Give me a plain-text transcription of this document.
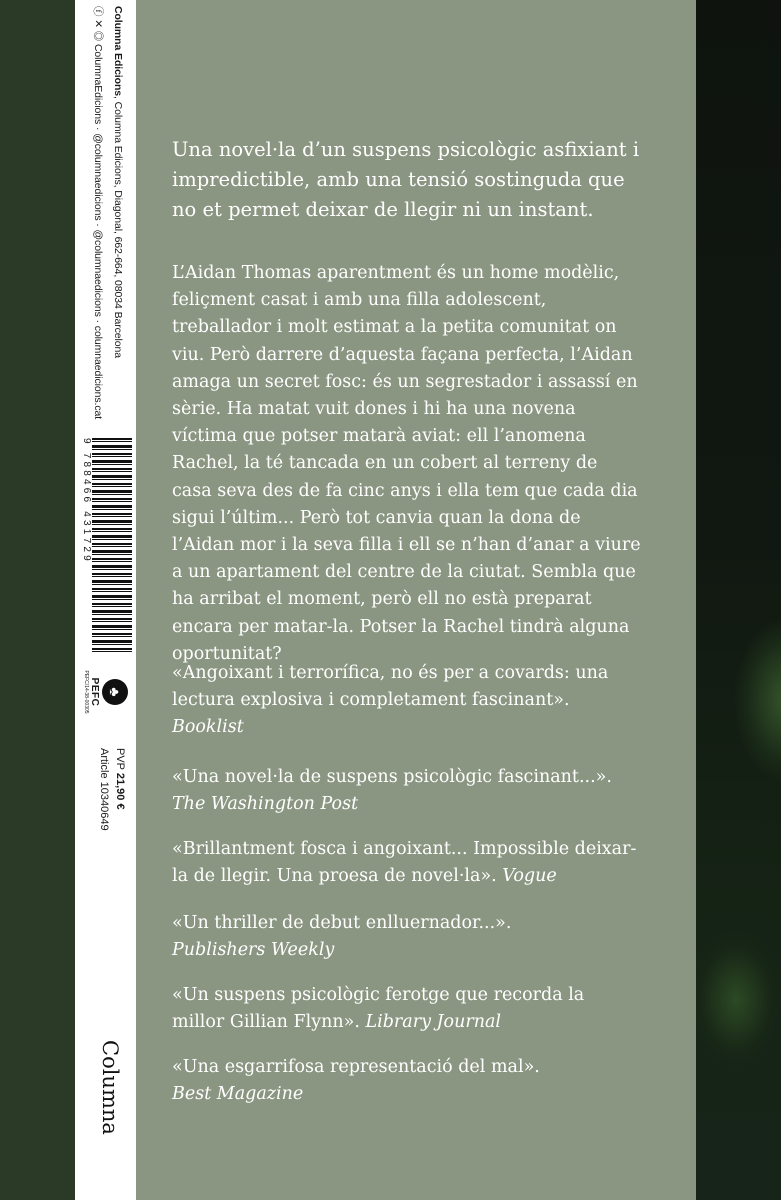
Columna Edicions, Columna Edicions, Diagonal, 662-664, 08034 Barcelona
ⓕ ✕ ◎ ColumnaEdicions · @columnaedicions · @columnaedicions · columnaedicions.cat
9 788466 431729
♣
PEFC
PEFC/14-38-00305
PVP 21,90 €
Article 10340649
Columna
Una novel·la d’un suspens psicològic asfixiant i impredictible, amb una tensió sostinguda que no et permet deixar de llegir ni un instant.
L’Aidan Thomas aparentment és un home modèlic, feliçment casat i amb una filla adolescent, treballador i molt estimat a la petita comunitat on viu. Però darrere d’aquesta façana perfecta, l’Aidan amaga un secret fosc: és un segrestador i assassí en sèrie. Ha matat vuit dones i hi ha una novena víctima que potser matarà aviat: ell l’anomena Rachel, la té tancada en un cobert al terreny de casa seva des de fa cinc anys i ella tem que cada dia sigui l’últim... Però tot canvia quan la dona de l’Aidan mor i la seva filla i ell se n’han d’anar a viure a un apartament del centre de la ciutat. Sembla que ha arribat el moment, però ell no està preparat encara per matar-la. Potser la Rachel tindrà alguna oportunitat?
«Angoixant i terrorífica, no és per a covards: una lectura explosiva i completament fascinant».
Booklist
«Una novel·la de suspens psicològic fascinant...».
The Washington Post
«Brillantment fosca i angoixant... Impossible deixar-la de llegir. Una proesa de novel·la». Vogue
«Un thriller de debut enlluernador...».
Publishers Weekly
«Un suspens psicològic ferotge que recorda la millor Gillian Flynn». Library Journal
«Una esgarrifosa representació del mal».
Best Magazine
